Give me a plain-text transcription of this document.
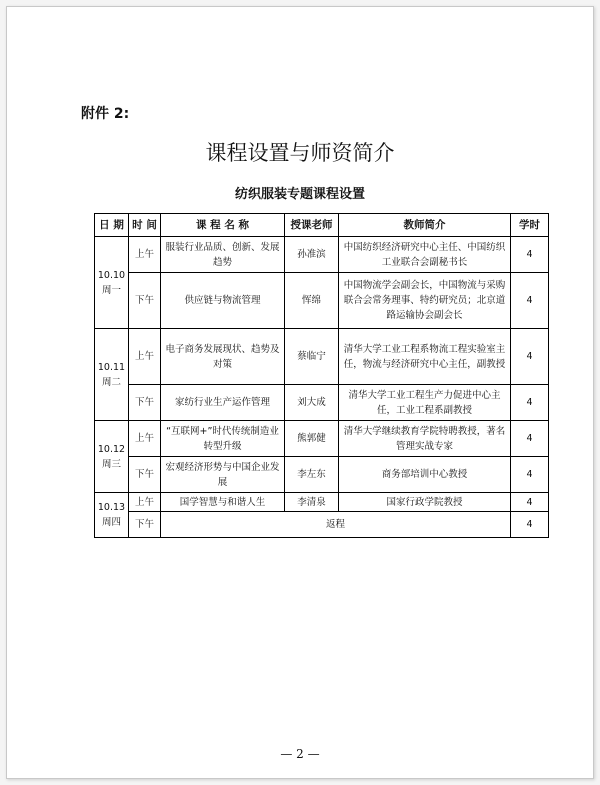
附件 2:
课程设置与师资简介
纺织服装专题课程设置
日 期	时 间	课 程 名 称	授课老师	教师简介	学时
10.10
周一	上午	服装行业品质、创新、发展趋势	孙准滨	中国纺织经济研究中心主任、中国纺织工业联合会副秘书长	4
	下午	供应链与物流管理	恽绵	中国物流学会副会长，中国物流与采购联合会常务理事、特约研究员；北京道路运输协会副会长	4
10.11
周二	上午	电子商务发展现状、趋势及对策	蔡临宁	清华大学工业工程系物流工程实验室主任，物流与经济研究中心主任，副教授	4
	下午	家纺行业生产运作管理	刘大成	清华大学工业工程生产力促进中心主任，工业工程系副教授	4
10.12
周三	上午	“互联网+”时代传统制造业转型升级	熊郭健	清华大学继续教育学院特聘教授，著名管理实战专家	4
	下午	宏观经济形势与中国企业发展	李左东	商务部培训中心教授	4
10.13
周四	上午	国学智慧与和谐人生	李清泉	国家行政学院教授	4
	下午	返程			4
— 2 —
